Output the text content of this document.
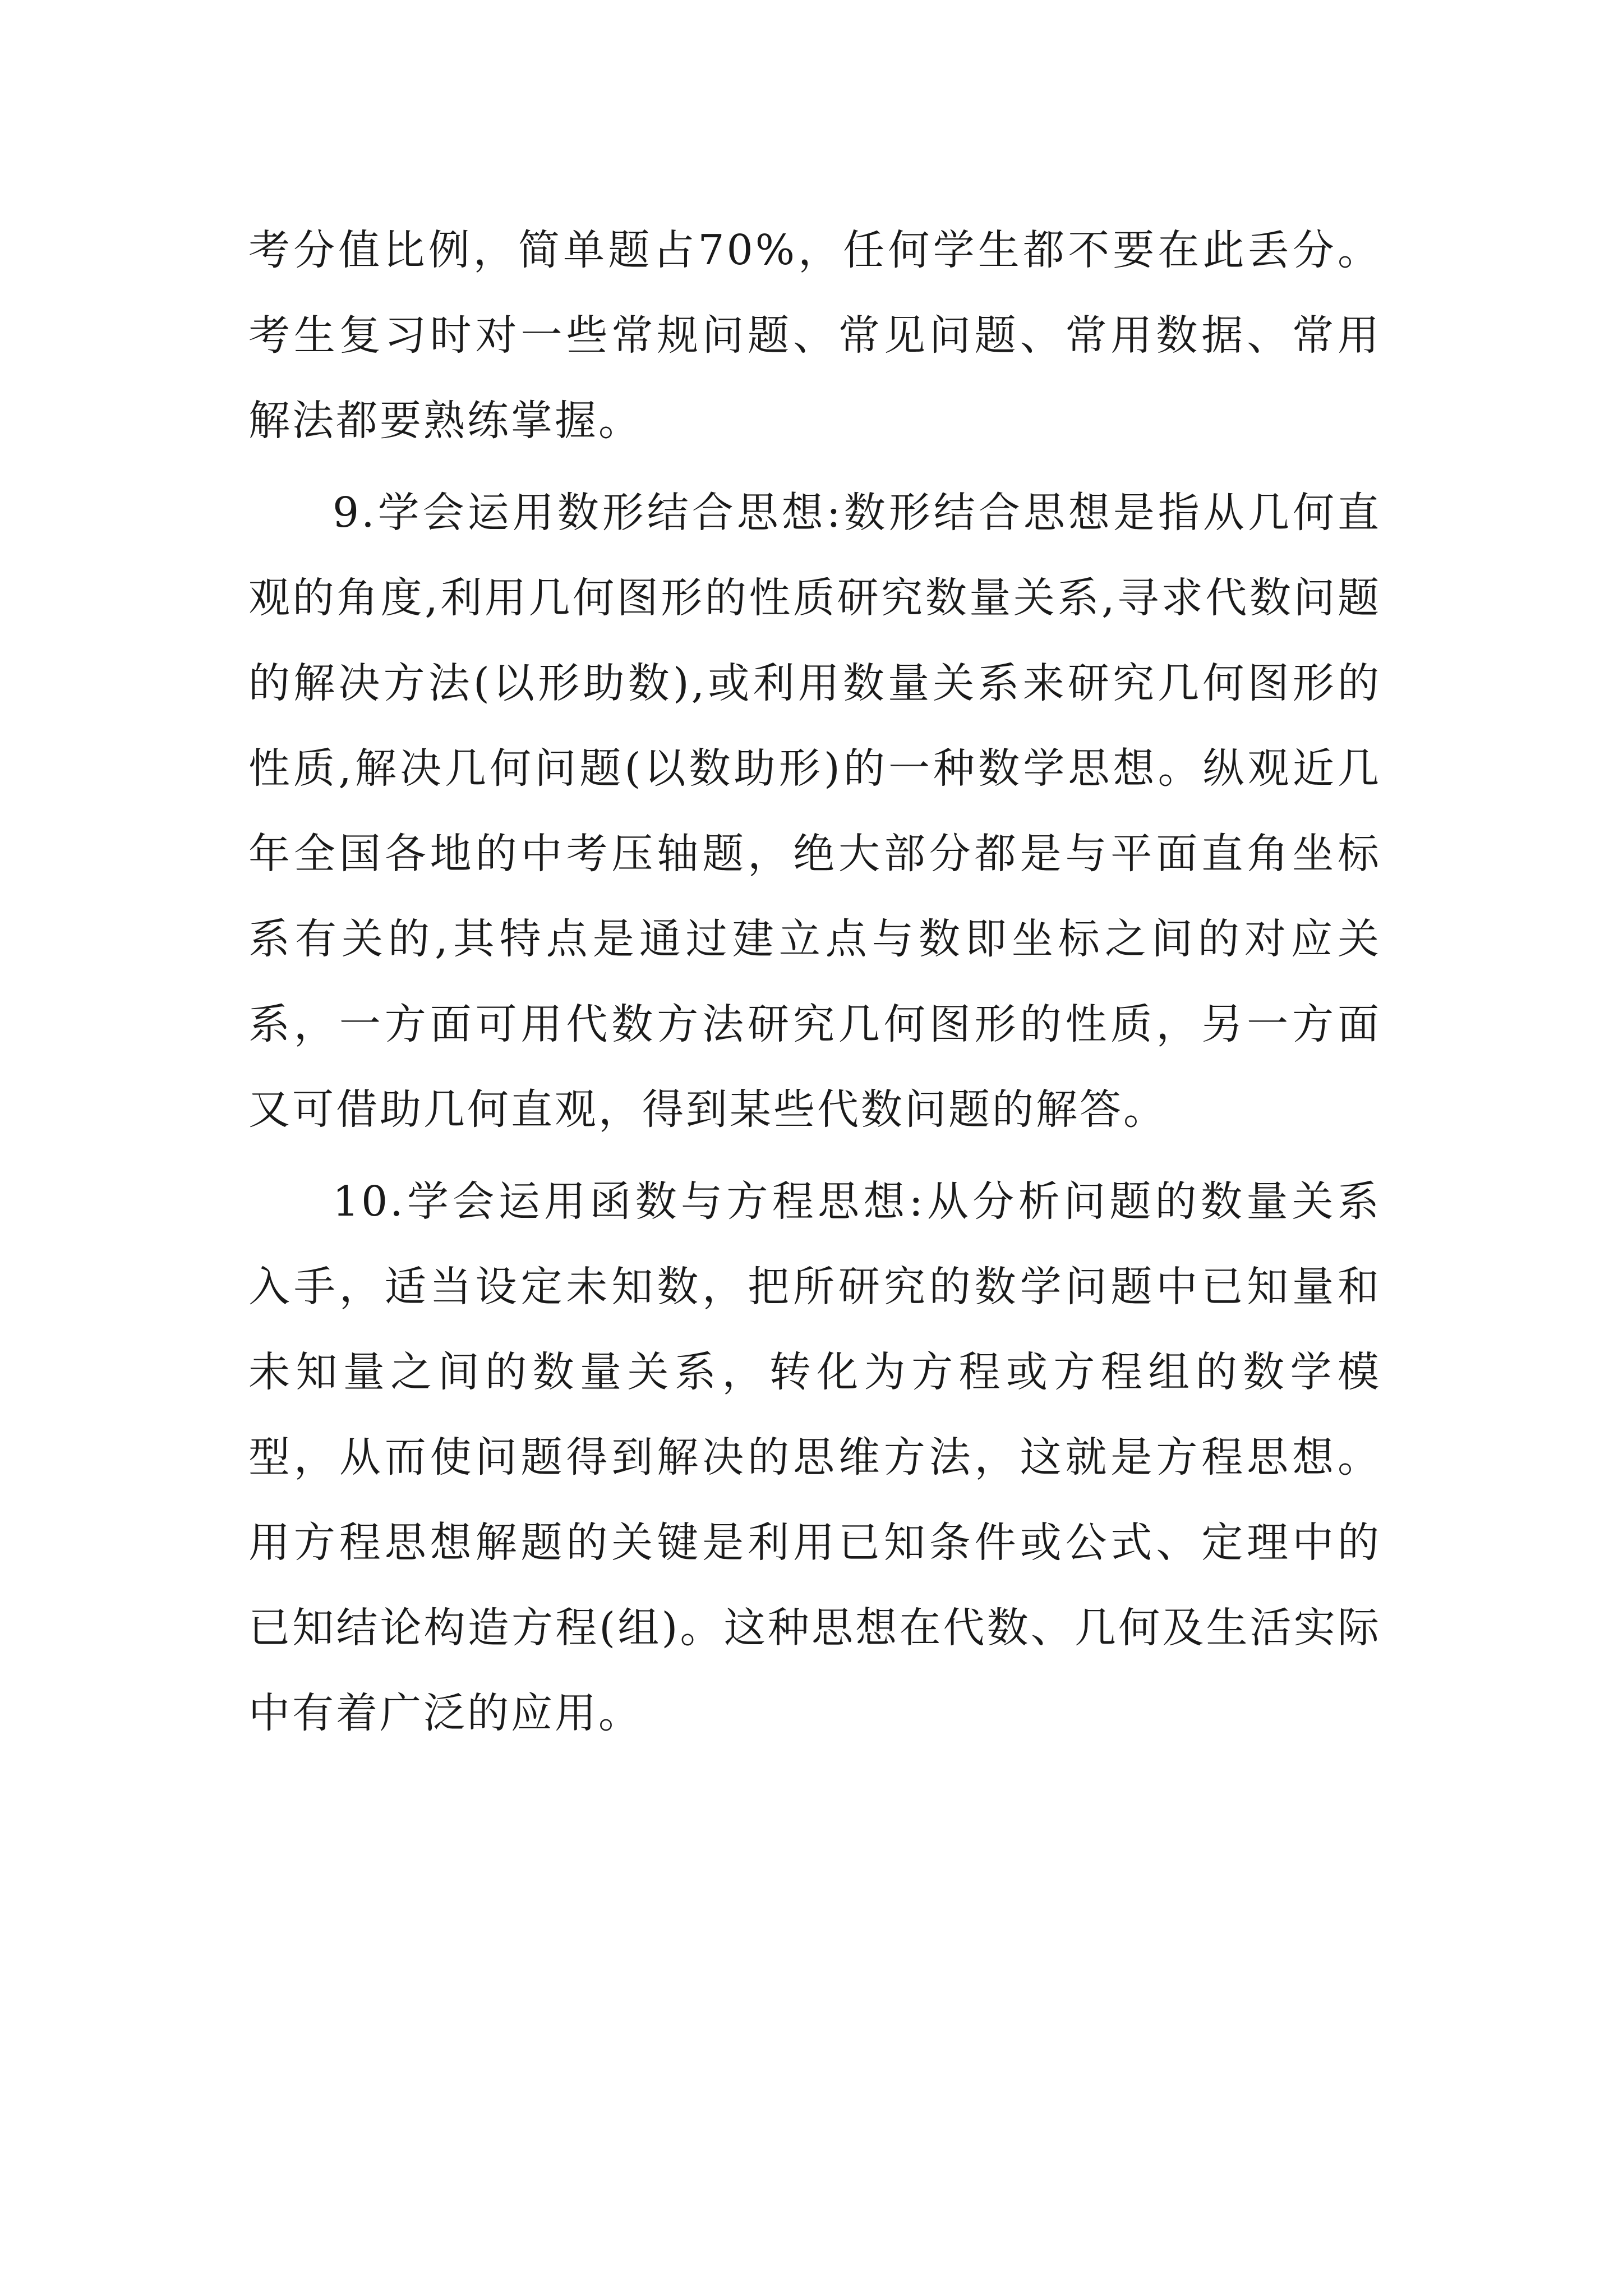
考分值比例，简单题占70%，任何学生都不要在此丢分。考生复习时对一些常规问题、常见问题、常用数据、常用解法都要熟练掌握。

9.学会运用数形结合思想:数形结合思想是指从几何直观的角度,利用几何图形的性质研究数量关系,寻求代数问题的解决方法(以形助数),或利用数量关系来研究几何图形的性质,解决几何问题(以数助形)的一种数学思想。纵观近几年全国各地的中考压轴题，绝大部分都是与平面直角坐标系有关的,其特点是通过建立点与数即坐标之间的对应关系，一方面可用代数方法研究几何图形的性质，另一方面又可借助几何直观，得到某些代数问题的解答。

10.学会运用函数与方程思想:从分析问题的数量关系入手，适当设定未知数，把所研究的数学问题中已知量和未知量之间的数量关系，转化为方程或方程组的数学模型，从而使问题得到解决的思维方法，这就是方程思想。用方程思想解题的关键是利用已知条件或公式、定理中的已知结论构造方程(组)。这种思想在代数、几何及生活实际中有着广泛的应用。
